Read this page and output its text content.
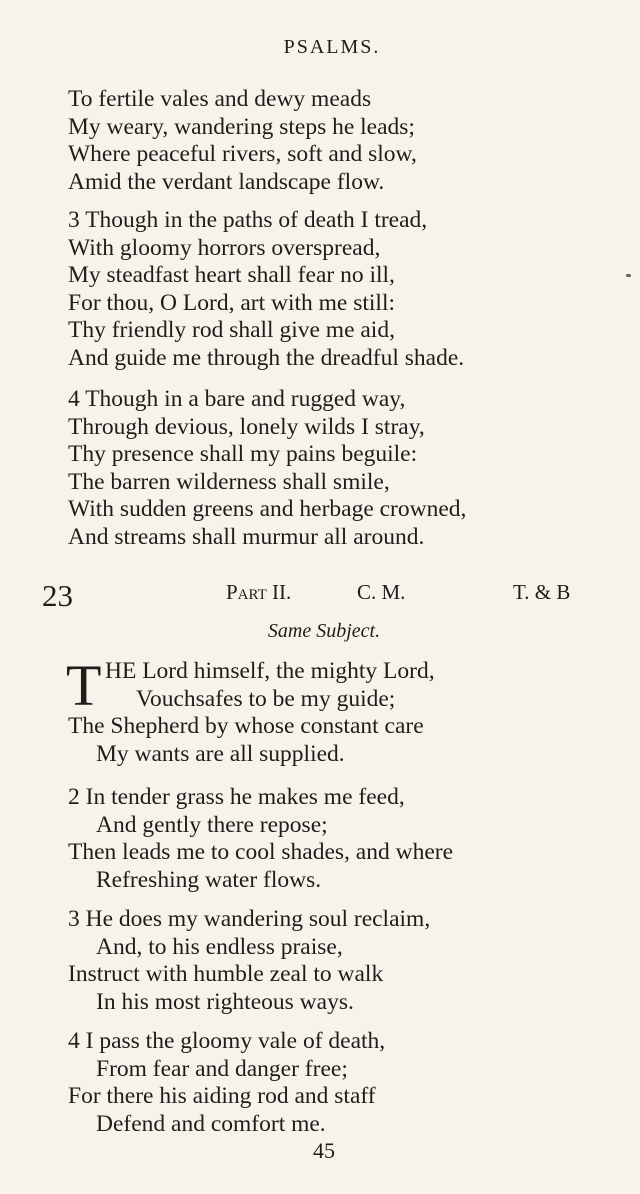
PSALMS.
To fertile vales and dewy meads
My weary, wandering steps he leads;
Where peaceful rivers, soft and slow,
Amid the verdant landscape flow.
3 Though in the paths of death I tread,
With gloomy horrors overspread,
My steadfast heart shall fear no ill,
For thou, O Lord, art with me still:
Thy friendly rod shall give me aid,
And guide me through the dreadful shade.
4 Though in a bare and rugged way,
Through devious, lonely wilds I stray,
Thy presence shall my pains beguile:
The barren wilderness shall smile,
With sudden greens and herbage crowned,
And streams shall murmur all around.
23	Part II.	C. M.	T. & B
Same Subject.
T HE Lord himself, the mighty Lord,
Vouchsafes to be my guide;
The Shepherd by whose constant care
My wants are all supplied.
2 In tender grass he makes me feed,
And gently there repose;
Then leads me to cool shades, and where
Refreshing water flows.
3 He does my wandering soul reclaim,
And, to his endless praise,
Instruct with humble zeal to walk
In his most righteous ways.
4 I pass the gloomy vale of death,
From fear and danger free;
For there his aiding rod and staff
Defend and comfort me.
45
